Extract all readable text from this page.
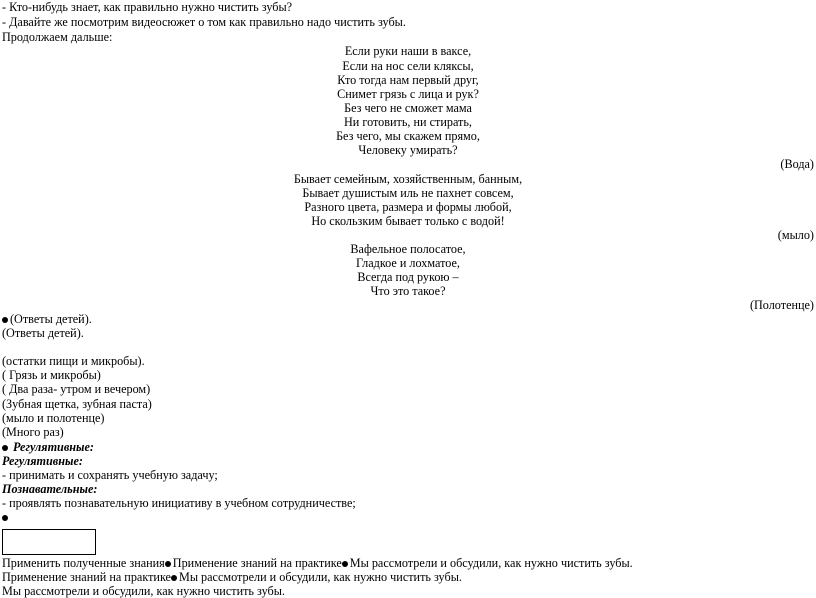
- Кто-нибудь знает, как правильно нужно чистить зубы?
- Давайте же посмотрим видеосюжет о том как правильно надо чистить зубы.
Продолжаем дальше:
Если руки наши в ваксе,
Если на нос сели кляксы,
Кто тогда нам первый друг,
Снимет грязь с лица и рук?
Без чего не сможет мама
Ни готовить, ни стирать,
Без чего, мы скажем прямо,
Человеку умирать?
(Вода)
Бывает семейным, хозяйственным, банным,
Бывает душистым иль не пахнет совсем,
Разного цвета, размера и формы любой,
Но скользким бывает только с водой!
(мыло)
Вафельное полосатое,
Гладкое и лохматое,
Всегда под рукою –
Что это такое?
(Полотенце)
(Ответы детей).
(Ответы детей).
(остатки пищи и микробы).
( Грязь и микробы)
( Два раза- утром и вечером)
(Зубная щетка, зубная паста)
(мыло и полотенце)
(Много раз)
Регулятивные:
Регулятивные:
- принимать и сохранять учебную задачу;
Познавательные:
- проявлять познавательную инициативу в учебном сотрудничестве;
Применить полученные знания Применение знаний на практике Мы рассмотрели и обсудили, как нужно чистить зубы.
Применение знаний на практике Мы рассмотрели и обсудили, как нужно чистить зубы.
Мы рассмотрели и обсудили, как нужно чистить зубы.
